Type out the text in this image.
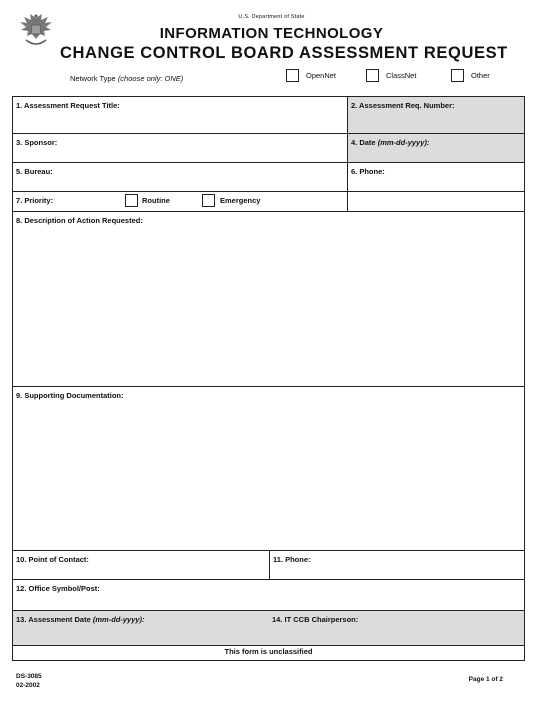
U.S. Department of State
INFORMATION TECHNOLOGY
CHANGE CONTROL BOARD ASSESSMENT REQUEST
Network Type (choose only: ONE)	OpenNet	ClassNet	Other
1. Assessment Request Title:	2. Assessment Req. Number:
3. Sponsor:	4. Date (mm-dd-yyyy):
5. Bureau:	6. Phone:
7. Priority:	Routine	Emergency
8. Description of Action Requested:
9. Supporting Documentation:
10. Point of Contact:	11. Phone:
12. Office Symbol/Post:
13. Assessment Date (mm-dd-yyyy):	14. IT CCB Chairperson:
This form is unclassified
DS-3085
02-2002
Page 1 of 2
